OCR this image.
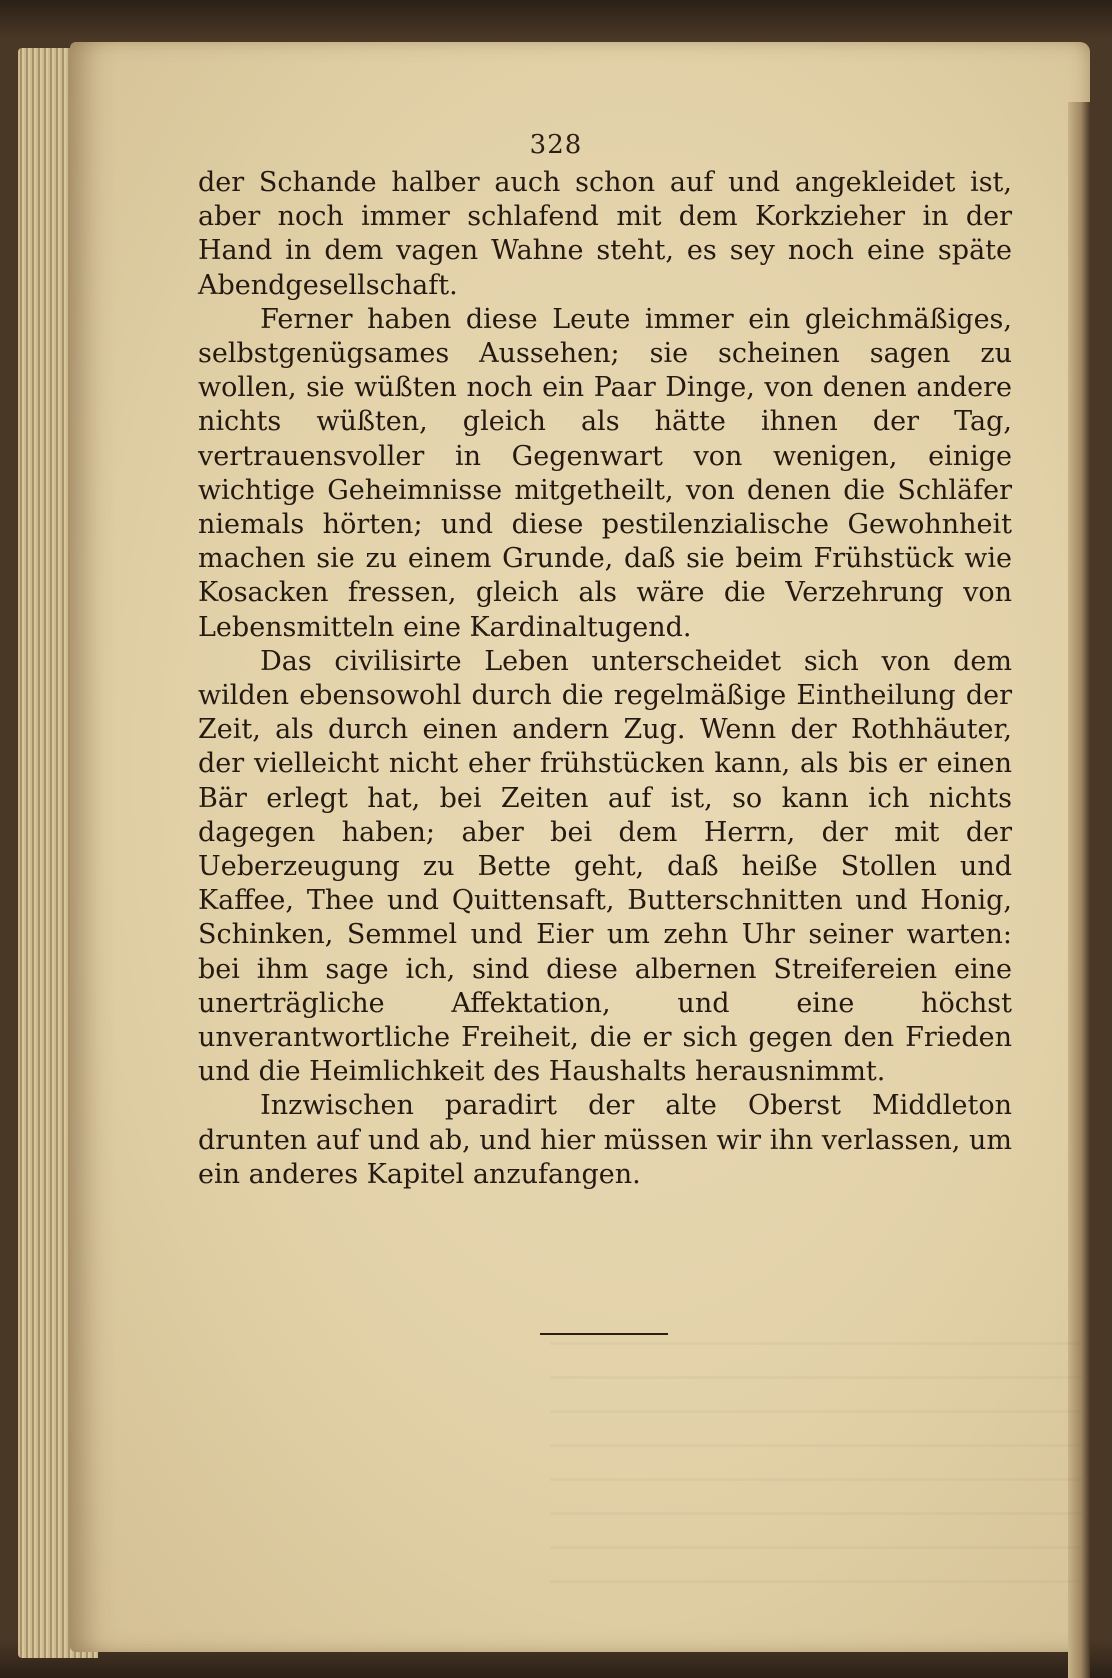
328

der Schande halber auch schon auf und angekleidet ist, aber noch immer schlafend mit dem Korkzieher in der Hand in dem vagen Wahne steht, es sey noch eine späte Abendgesellschaft.

Ferner haben diese Leute immer ein gleichmäßiges, selbstgenügsames Aussehen; sie scheinen sagen zu wollen, sie wüßten noch ein Paar Dinge, von denen andere nichts wüßten, gleich als hätte ihnen der Tag, vertrauensvoller in Gegenwart von wenigen, einige wichtige Geheimnisse mitgetheilt, von denen die Schläfer niemals hörten; und diese pestilenzialische Gewohnheit machen sie zu einem Grunde, daß sie beim Frühstück wie Kosacken fressen, gleich als wäre die Verzehrung von Lebensmitteln eine Kardinaltugend.

Das civilisirte Leben unterscheidet sich von dem wilden ebensowohl durch die regelmäßige Eintheilung der Zeit, als durch einen andern Zug. Wenn der Rothhäuter, der vielleicht nicht eher frühstücken kann, als bis er einen Bär erlegt hat, bei Zeiten auf ist, so kann ich nichts dagegen haben; aber bei dem Herrn, der mit der Ueberzeugung zu Bette geht, daß heiße Stollen und Kaffee, Thee und Quittensaft, Butterschnitten und Honig, Schinken, Semmel und Eier um zehn Uhr seiner warten: bei ihm sage ich, sind diese albernen Streifereien eine unerträgliche Affektation, und eine höchst unverantwortliche Freiheit, die er sich gegen den Frieden und die Heimlichkeit des Haushalts herausnimmt.

Inzwischen paradirt der alte Oberst Middleton drunten auf und ab, und hier müssen wir ihn verlassen, um ein anderes Kapitel anzufangen.
